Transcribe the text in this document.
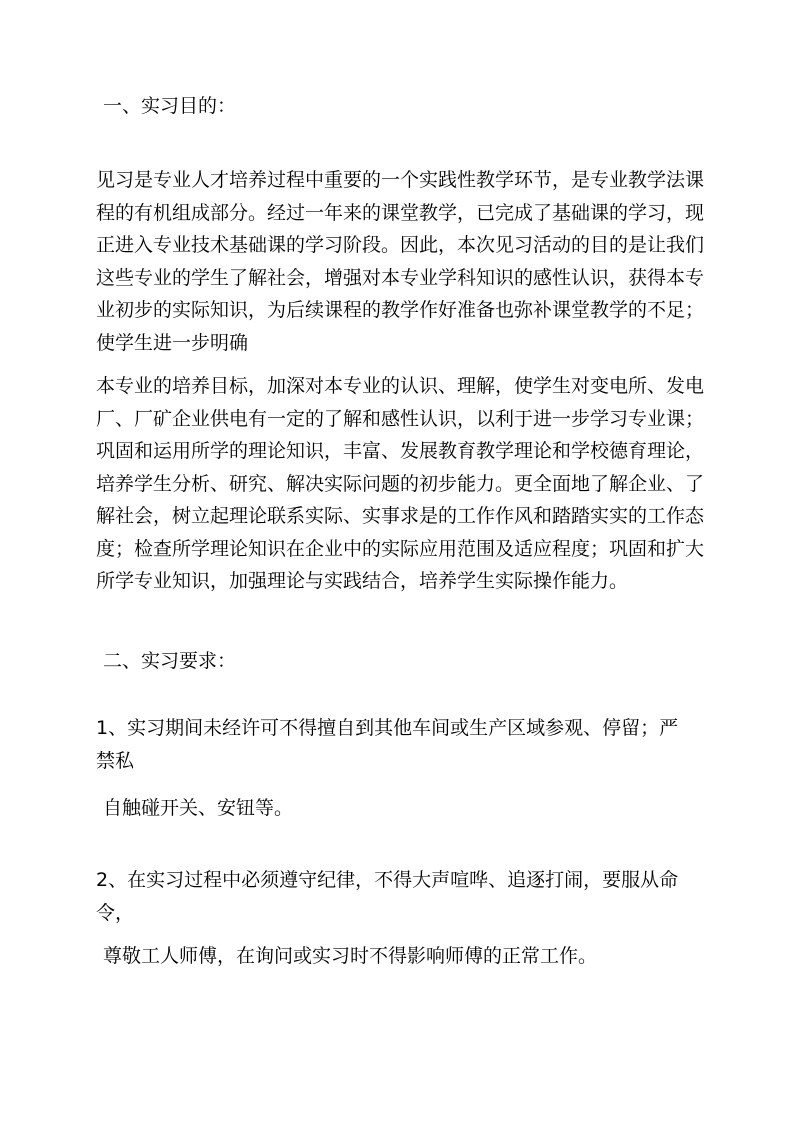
一、实习目的：
见习是专业人才培养过程中重要的一个实践性教学环节，是专业教学法课程的有机组成部分。经过一年来的课堂教学，已完成了基础课的学习，现正进入专业技术基础课的学习阶段。因此，本次见习活动的目的是让我们这些专业的学生了解社会，增强对本专业学科知识的感性认识，获得本专业初步的实际知识，为后续课程的教学作好准备也弥补课堂教学的不足；使学生进一步明确
本专业的培养目标，加深对本专业的认识、理解，使学生对变电所、发电厂、厂矿企业供电有一定的了解和感性认识，以利于进一步学习专业课；巩固和运用所学的理论知识，丰富、发展教育教学理论和学校德育理论，培养学生分析、研究、解决实际问题的初步能力。更全面地了解企业、了解社会，树立起理论联系实际、实事求是的工作作风和踏踏实实的工作态度；检查所学理论知识在企业中的实际应用范围及适应程度；巩固和扩大所学专业知识，加强理论与实践结合，培养学生实际操作能力。
二、实习要求：
1、实习期间未经许可不得擅自到其他车间或生产区域参观、停留；严禁私
自触碰开关、安钮等。
2、在实习过程中必须遵守纪律，不得大声喧哗、追逐打闹，要服从命令，
尊敬工人师傅，在询问或实习时不得影响师傅的正常工作。
